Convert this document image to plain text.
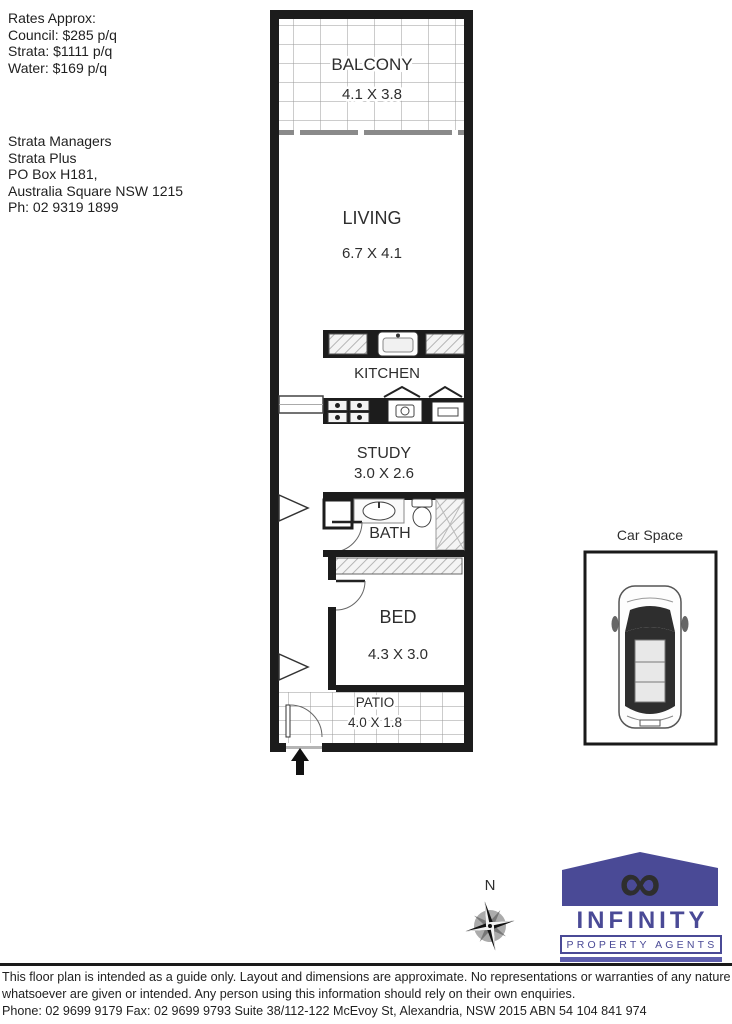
Rates Approx:
Council: $285 p/q
Strata: $1111 p/q
Water: $169 p/q
Strata Managers
Strata Plus
PO Box H181,
Australia Square NSW 1215
Ph: 02 9319 1899
BALCONY
4.1 X 3.8
LIVING
6.7 X 4.1
KITCHEN
STUDY
3.0 X 2.6
BATH
BED
4.3 X 3.0
PATIO
4.0 X 1.8
Car Space
N ∞
INFINITY
PROPERTY AGENTS
This floor plan is intended as a guide only. Layout and dimensions are approximate. No representations or warranties of any nature
whatsoever are given or intended. Any person using this information should rely on their own enquiries.
Phone: 02 9699 9179 Fax: 02 9699 9793 Suite 38/112-122 McEvoy St, Alexandria, NSW 2015 ABN 54 104 841 974
